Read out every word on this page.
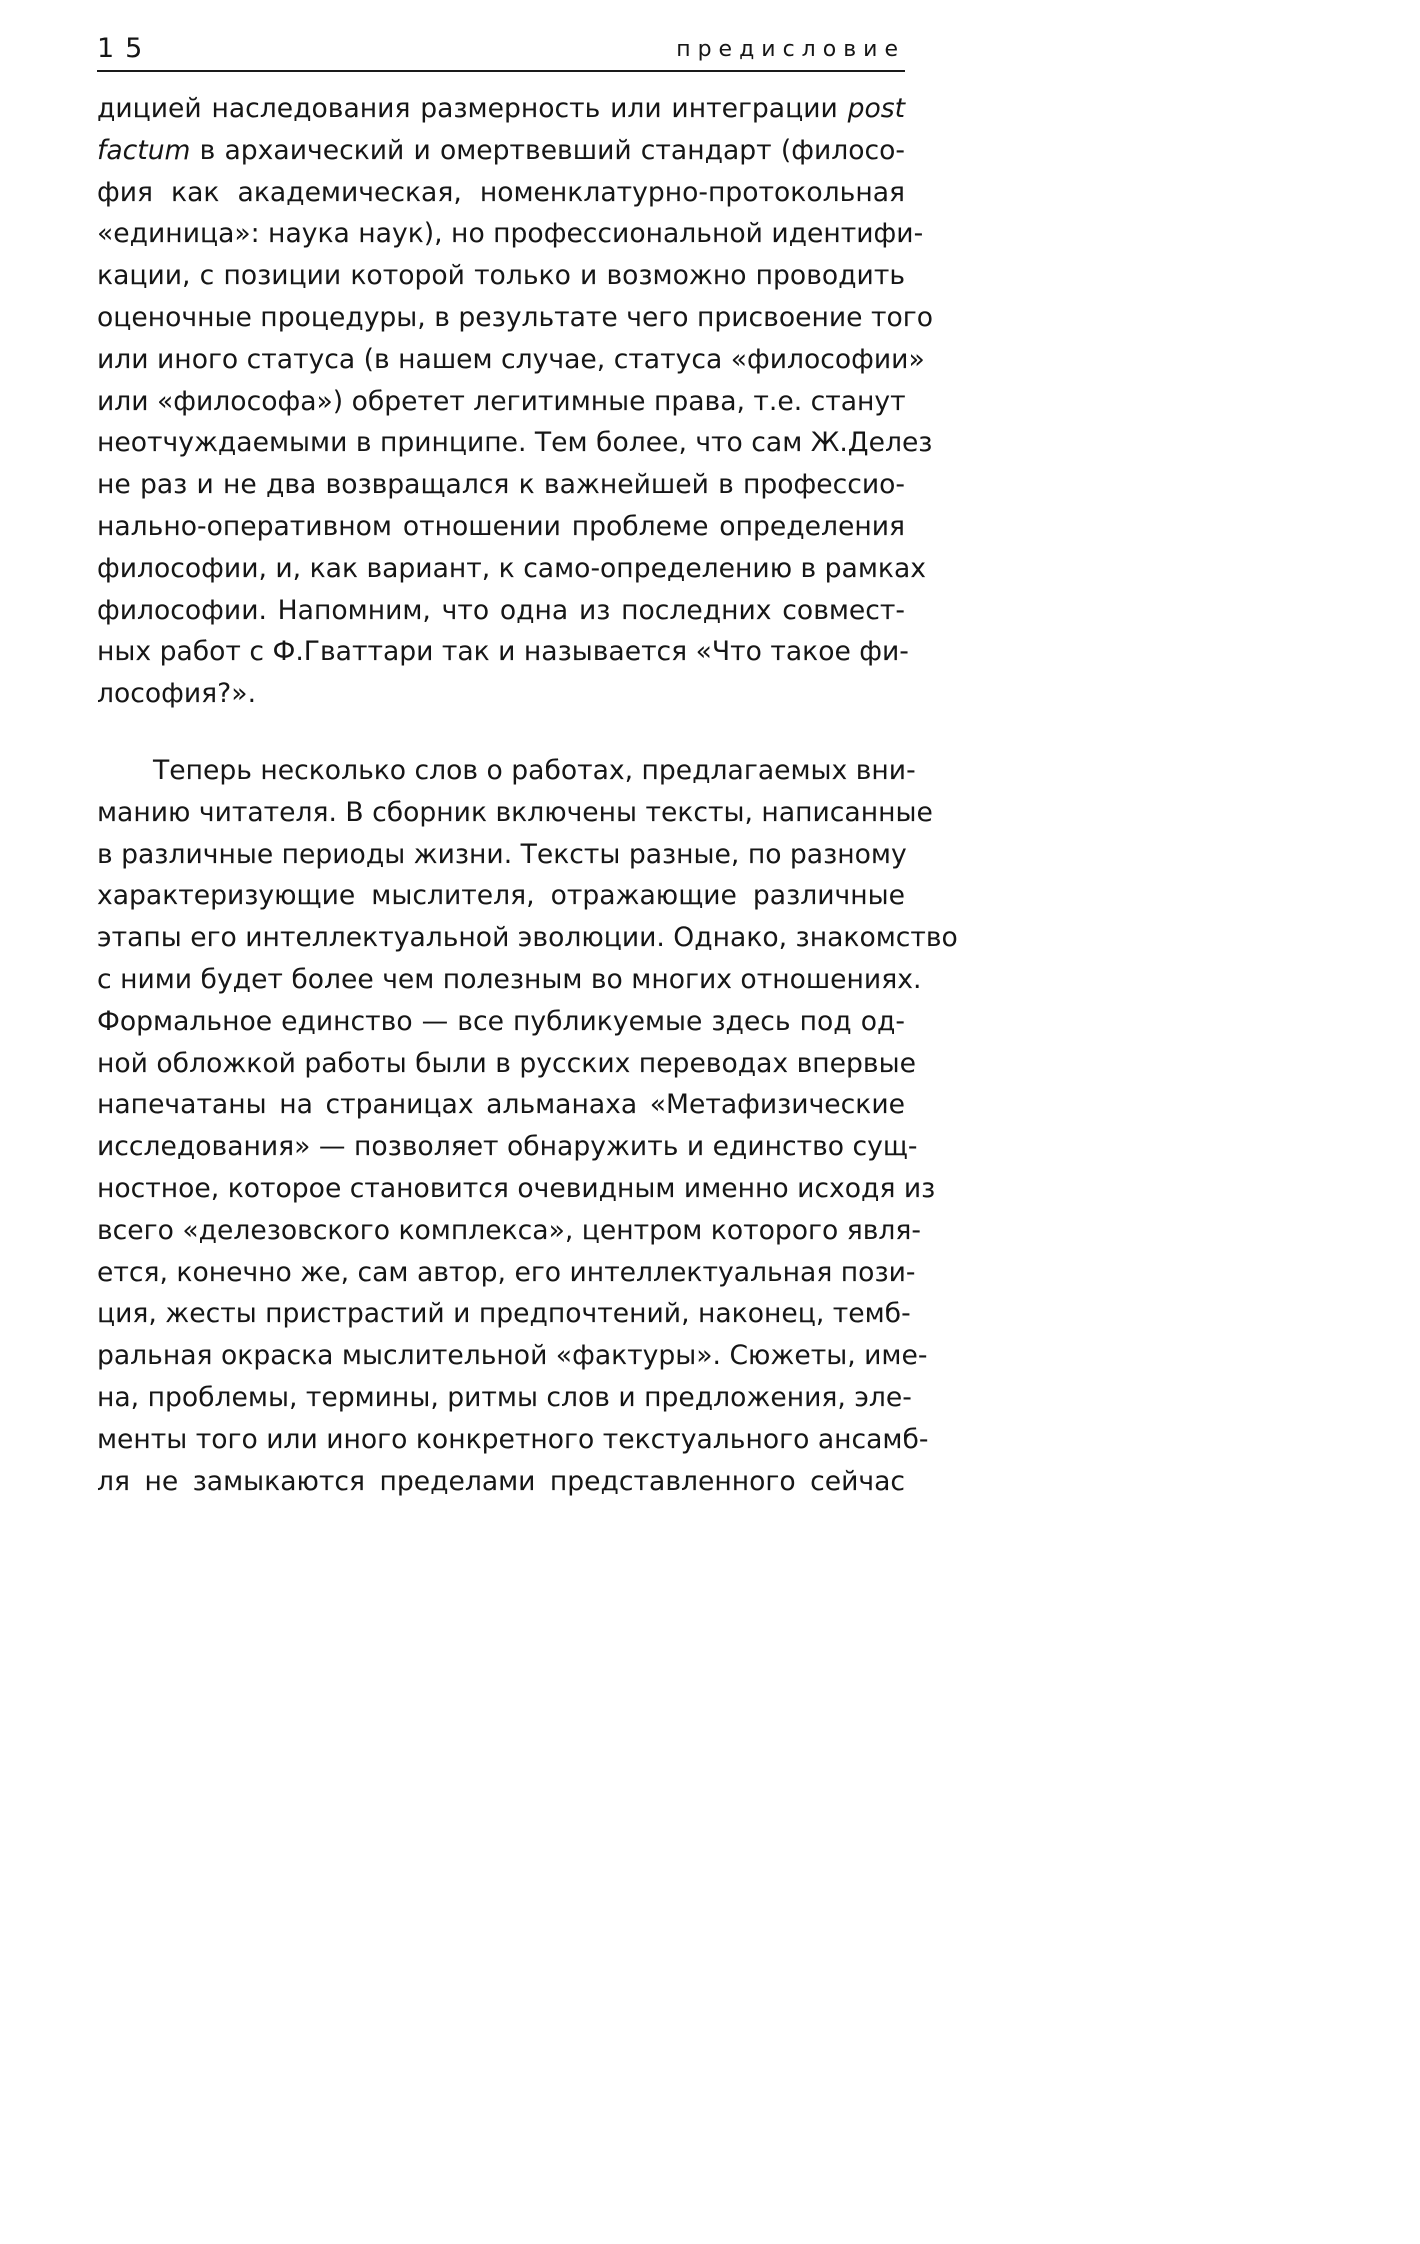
15	предисловие
дицией наследования размерность или интеграции post
factum в архаический и омертвевший стандарт (филосо-
фия как академическая, номенклатурно-протокольная
«единица»: наука наук), но профессиональной идентифи-
кации, с позиции которой только и возможно проводить
оценочные процедуры, в результате чего присвоение того
или иного статуса (в нашем случае, статуса «философии»
или «философа») обретет легитимные права, т.е. станут
неотчуждаемыми в принципе. Тем более, что сам Ж.Делез
не раз и не два возвращался к важнейшей в профессио-
нально-оперативном отношении проблеме определения
философии, и, как вариант, к само-определению в рамках
философии. Напомним, что одна из последних совмест-
ных работ с Ф.Гваттари так и называется «Что такое фи-
лософия?».
Теперь несколько слов о работах, предлагаемых вни-
манию читателя. В сборник включены тексты, написанные
в различные периоды жизни. Тексты разные, по разному
характеризующие мыслителя, отражающие различные
этапы его интеллектуальной эволюции. Однако, знакомство
с ними будет более чем полезным во многих отношениях.
Формальное единство — все публикуемые здесь под од-
ной обложкой работы были в русских переводах впервые
напечатаны на страницах альманаха «Метафизические
исследования» — позволяет обнаружить и единство сущ-
ностное, которое становится очевидным именно исходя из
всего «делезовского комплекса», центром которого явля-
ется, конечно же, сам автор, его интеллектуальная пози-
ция, жесты пристрастий и предпочтений, наконец, темб-
ральная окраска мыслительной «фактуры». Сюжеты, име-
на, проблемы, термины, ритмы слов и предложения, эле-
менты того или иного конкретного текстуального ансамб-
ля не замыкаются пределами представленного сейчас
